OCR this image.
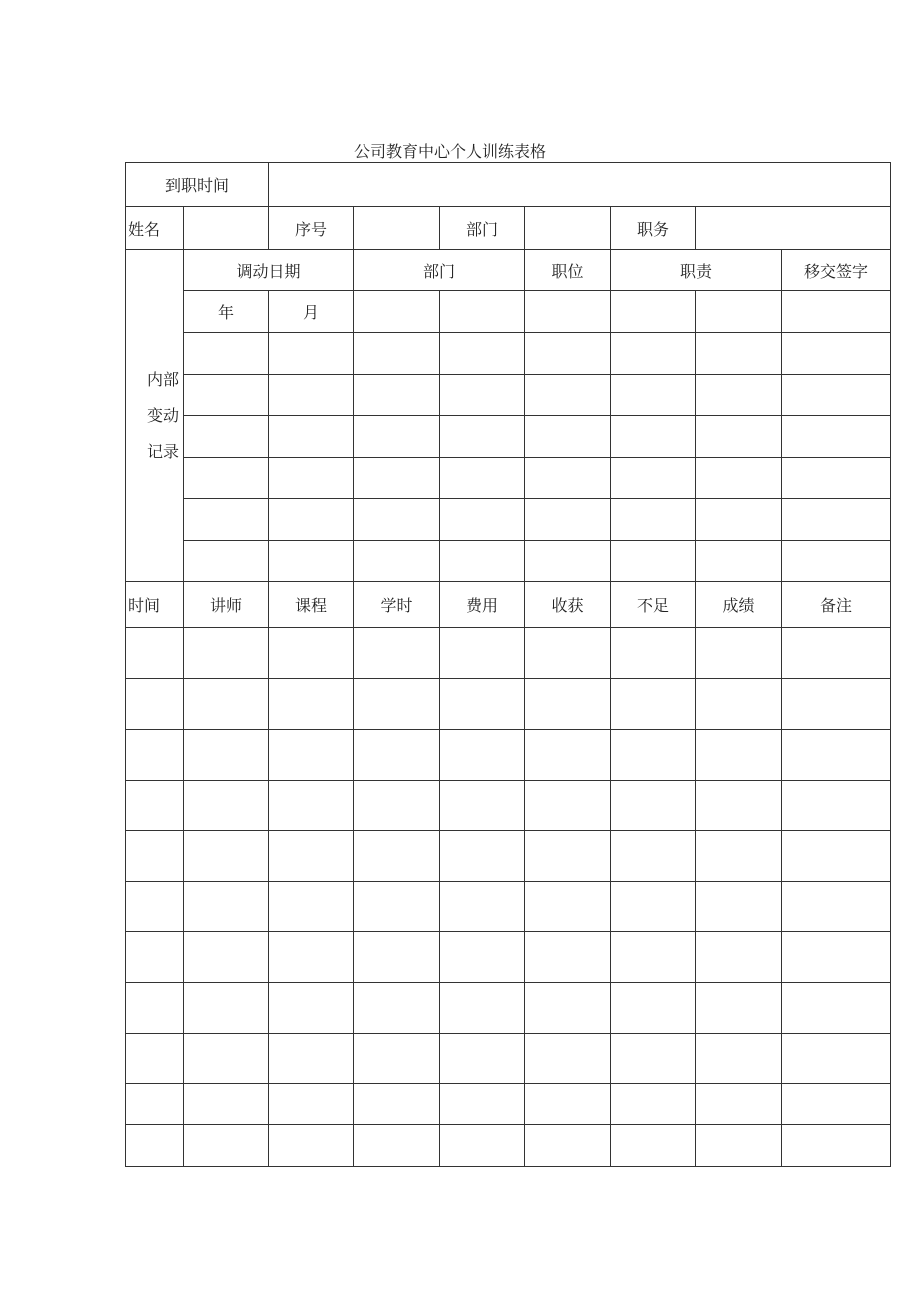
公司教育中心个人训练表格
到职时间								
姓名		序号		部门		职务		

内部
变动
记录	调动日期		部门		职位	职责		移交签字
	年	月						

时间	讲师	课程	学时	费用	收获	不足	成绩	备注
